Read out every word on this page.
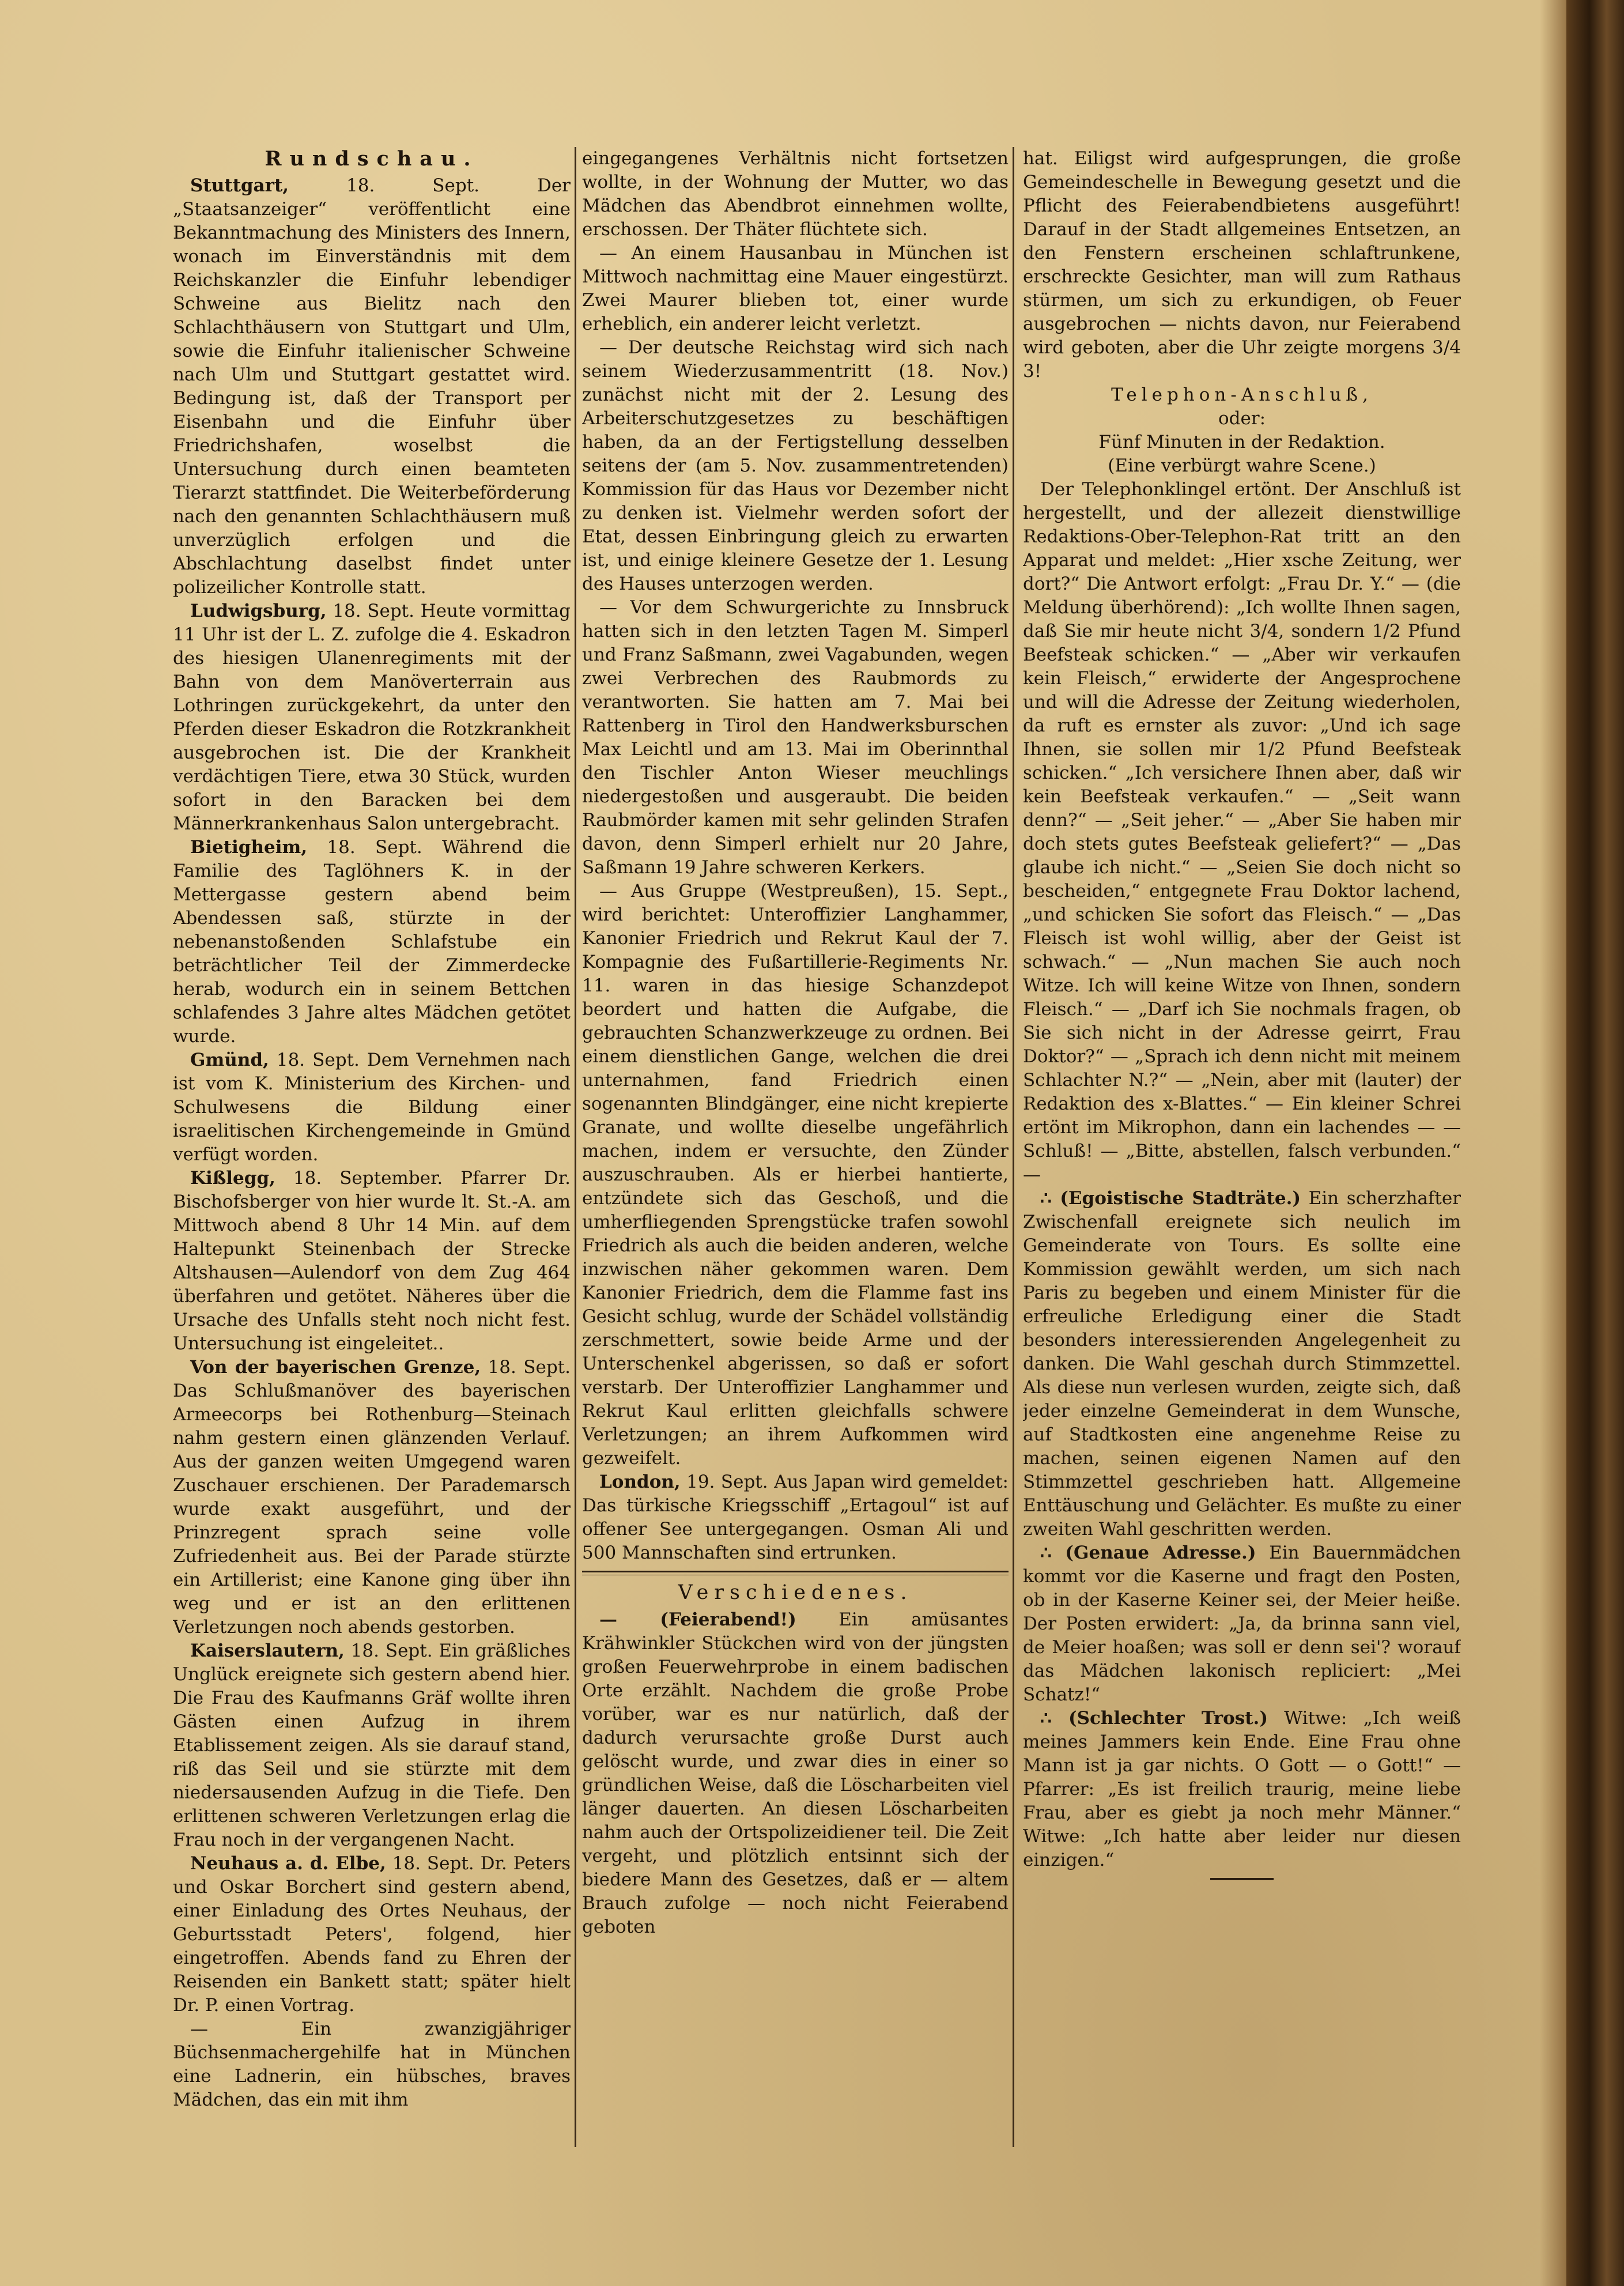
Rundschau.

Stuttgart, 18. Sept. Der „Staatsanzeiger“ veröffentlicht eine Bekanntmachung des Ministers des Innern, wonach im Einverständnis mit dem Reichskanzler die Einfuhr lebendiger Schweine aus Bielitz nach den Schlachthäusern von Stuttgart und Ulm, sowie die Einfuhr italienischer Schweine nach Ulm und Stuttgart gestattet wird. Bedingung ist, daß der Transport per Eisenbahn und die Einfuhr über Friedrichshafen, woselbst die Untersuchung durch einen beamteten Tierarzt stattfindet. Die Weiterbeförderung nach den genannten Schlachthäusern muß unverzüglich erfolgen und die Abschlachtung daselbst findet unter polizeilicher Kontrolle statt.

Ludwigsburg, 18. Sept. Heute vormittag 11 Uhr ist der L. Z. zufolge die 4. Eskadron des hiesigen Ulanenregiments mit der Bahn von dem Manöverterrain aus Lothringen zurückgekehrt, da unter den Pferden dieser Eskadron die Rotzkrankheit ausgebrochen ist. Die der Krankheit verdächtigen Tiere, etwa 30 Stück, wurden sofort in den Baracken bei dem Männerkrankenhaus Salon untergebracht.

Bietigheim, 18. Sept. Während die Familie des Taglöhners K. in der Mettergasse gestern abend beim Abendessen saß, stürzte in der nebenanstoßenden Schlafstube ein beträchtlicher Teil der Zimmerdecke herab, wodurch ein in seinem Bettchen schlafendes 3 Jahre altes Mädchen getötet wurde.

Gmünd, 18. Sept. Dem Vernehmen nach ist vom K. Ministerium des Kirchen- und Schulwesens die Bildung einer israelitischen Kirchengemeinde in Gmünd verfügt worden.

Kißlegg, 18. September. Pfarrer Dr. Bischofsberger von hier wurde lt. St.-A. am Mittwoch abend 8 Uhr 14 Min. auf dem Haltepunkt Steinenbach der Strecke Altshausen—Aulendorf von dem Zug 464 überfahren und getötet. Näheres über die Ursache des Unfalls steht noch nicht fest. Untersuchung ist eingeleitet..

Von der bayerischen Grenze, 18. Sept. Das Schlußmanöver des bayerischen Armeecorps bei Rothenburg—Steinach nahm gestern einen glänzenden Verlauf. Aus der ganzen weiten Umgegend waren Zuschauer erschienen. Der Parademarsch wurde exakt ausgeführt, und der Prinzregent sprach seine volle Zufriedenheit aus. Bei der Parade stürzte ein Artillerist; eine Kanone ging über ihn weg und er ist an den erlittenen Verletzungen noch abends gestorben.

Kaiserslautern, 18. Sept. Ein gräßliches Unglück ereignete sich gestern abend hier. Die Frau des Kaufmanns Gräf wollte ihren Gästen einen Aufzug in ihrem Etablissement zeigen. Als sie darauf stand, riß das Seil und sie stürzte mit dem niedersausenden Aufzug in die Tiefe. Den erlittenen schweren Verletzungen erlag die Frau noch in der vergangenen Nacht.

Neuhaus a. d. Elbe, 18. Sept. Dr. Peters und Oskar Borchert sind gestern abend, einer Einladung des Ortes Neuhaus, der Geburtsstadt Peters', folgend, hier eingetroffen. Abends fand zu Ehren der Reisenden ein Bankett statt; später hielt Dr. P. einen Vortrag.

— Ein zwanzigjähriger Büchsenmachergehilfe hat in München eine Ladnerin, ein hübsches, braves Mädchen, das ein mit ihm

eingegangenes Verhältnis nicht fortsetzen wollte, in der Wohnung der Mutter, wo das Mädchen das Abendbrot einnehmen wollte, erschossen. Der Thäter flüchtete sich.

— An einem Hausanbau in München ist Mittwoch nachmittag eine Mauer eingestürzt. Zwei Maurer blieben tot, einer wurde erheblich, ein anderer leicht verletzt.

— Der deutsche Reichstag wird sich nach seinem Wiederzusammentritt (18. Nov.) zunächst nicht mit der 2. Lesung des Arbeiterschutzgesetzes zu beschäftigen haben, da an der Fertigstellung desselben seitens der (am 5. Nov. zusammentretenden) Kommission für das Haus vor Dezember nicht zu denken ist. Vielmehr werden sofort der Etat, dessen Einbringung gleich zu erwarten ist, und einige kleinere Gesetze der 1. Lesung des Hauses unterzogen werden.

— Vor dem Schwurgerichte zu Innsbruck hatten sich in den letzten Tagen M. Simperl und Franz Saßmann, zwei Vagabunden, wegen zwei Verbrechen des Raubmords zu verantworten. Sie hatten am 7. Mai bei Rattenberg in Tirol den Handwerksburschen Max Leichtl und am 13. Mai im Oberinnthal den Tischler Anton Wieser meuchlings niedergestoßen und ausgeraubt. Die beiden Raubmörder kamen mit sehr gelinden Strafen davon, denn Simperl erhielt nur 20 Jahre, Saßmann 19 Jahre schweren Kerkers.

— Aus Gruppe (Westpreußen), 15. Sept., wird berichtet: Unteroffizier Langhammer, Kanonier Friedrich und Rekrut Kaul der 7. Kompagnie des Fußartillerie-Regiments Nr. 11. waren in das hiesige Schanzdepot beordert und hatten die Aufgabe, die gebrauchten Schanzwerkzeuge zu ordnen. Bei einem dienstlichen Gange, welchen die drei unternahmen, fand Friedrich einen sogenannten Blindgänger, eine nicht krepierte Granate, und wollte dieselbe ungefährlich machen, indem er versuchte, den Zünder auszuschrauben. Als er hierbei hantierte, entzündete sich das Geschoß, und die umherfliegenden Sprengstücke trafen sowohl Friedrich als auch die beiden anderen, welche inzwischen näher gekommen waren. Dem Kanonier Friedrich, dem die Flamme fast ins Gesicht schlug, wurde der Schädel vollständig zerschmettert, sowie beide Arme und der Unterschenkel abgerissen, so daß er sofort verstarb. Der Unteroffizier Langhammer und Rekrut Kaul erlitten gleichfalls schwere Verletzungen; an ihrem Aufkommen wird gezweifelt.

London, 19. Sept. Aus Japan wird gemeldet: Das türkische Kriegsschiff „Ertagoul“ ist auf offener See untergegangen. Osman Ali und 500 Mannschaften sind ertrunken.

Verschiedenes.

— (Feierabend!) Ein amüsantes Krähwinkler Stückchen wird von der jüngsten großen Feuerwehrprobe in einem badischen Orte erzählt. Nachdem die große Probe vorüber, war es nur natürlich, daß der dadurch verursachte große Durst auch gelöscht wurde, und zwar dies in einer so gründlichen Weise, daß die Löscharbeiten viel länger dauerten. An diesen Löscharbeiten nahm auch der Ortspolizeidiener teil. Die Zeit vergeht, und plötzlich entsinnt sich der biedere Mann des Gesetzes, daß er — altem Brauch zufolge — noch nicht Feierabend geboten

hat. Eiligst wird aufgesprungen, die große Gemeindeschelle in Bewegung gesetzt und die Pflicht des Feierabendbietens ausgeführt! Darauf in der Stadt allgemeines Entsetzen, an den Fenstern erscheinen schlaftrunkene, erschreckte Gesichter, man will zum Rathaus stürmen, um sich zu erkundigen, ob Feuer ausgebrochen — nichts davon, nur Feierabend wird geboten, aber die Uhr zeigte morgens 3/4 3!

Telephon-Anschluß,

oder:

Fünf Minuten in der Redaktion.

(Eine verbürgt wahre Scene.)

Der Telephonklingel ertönt. Der Anschluß ist hergestellt, und der allezeit dienstwillige Redaktions-Ober-Telephon-Rat tritt an den Apparat und meldet: „Hier xsche Zeitung, wer dort?“ Die Antwort erfolgt: „Frau Dr. Y.“ — (die Meldung überhörend): „Ich wollte Ihnen sagen, daß Sie mir heute nicht 3/4, sondern 1/2 Pfund Beefsteak schicken.“ — „Aber wir verkaufen kein Fleisch,“ erwiderte der Angesprochene und will die Adresse der Zeitung wiederholen, da ruft es ernster als zuvor: „Und ich sage Ihnen, sie sollen mir 1/2 Pfund Beefsteak schicken.“ „Ich versichere Ihnen aber, daß wir kein Beefsteak verkaufen.“ — „Seit wann denn?“ — „Seit jeher.“ — „Aber Sie haben mir doch stets gutes Beefsteak geliefert?“ — „Das glaube ich nicht.“ — „Seien Sie doch nicht so bescheiden,“ entgegnete Frau Doktor lachend, „und schicken Sie sofort das Fleisch.“ — „Das Fleisch ist wohl willig, aber der Geist ist schwach.“ — „Nun machen Sie auch noch Witze. Ich will keine Witze von Ihnen, sondern Fleisch.“ — „Darf ich Sie nochmals fragen, ob Sie sich nicht in der Adresse geirrt, Frau Doktor?“ — „Sprach ich denn nicht mit meinem Schlachter N.?“ — „Nein, aber mit (lauter) der Redaktion des x-Blattes.“ — Ein kleiner Schrei ertönt im Mikrophon, dann ein lachendes — — Schluß! — „Bitte, abstellen, falsch verbunden.“ —

∴ (Egoistische Stadträte.) Ein scherzhafter Zwischenfall ereignete sich neulich im Gemeinderate von Tours. Es sollte eine Kommission gewählt werden, um sich nach Paris zu begeben und einem Minister für die erfreuliche Erledigung einer die Stadt besonders interessierenden Angelegenheit zu danken. Die Wahl geschah durch Stimmzettel. Als diese nun verlesen wurden, zeigte sich, daß jeder einzelne Gemeinderat in dem Wunsche, auf Stadtkosten eine angenehme Reise zu machen, seinen eigenen Namen auf den Stimmzettel geschrieben hatt. Allgemeine Enttäuschung und Gelächter. Es mußte zu einer zweiten Wahl geschritten werden.

∴ (Genaue Adresse.) Ein Bauernmädchen kommt vor die Kaserne und fragt den Posten, ob in der Kaserne Keiner sei, der Meier heiße. Der Posten erwidert: „Ja, da brinna sann viel, de Meier hoaßen; was soll er denn sei'? worauf das Mädchen lakonisch repliciert: „Mei Schatz!“

∴ (Schlechter Trost.) Witwe: „Ich weiß meines Jammers kein Ende. Eine Frau ohne Mann ist ja gar nichts. O Gott — o Gott!“ — Pfarrer: „Es ist freilich traurig, meine liebe Frau, aber es giebt ja noch mehr Männer.“ Witwe: „Ich hatte aber leider nur diesen einzigen.“
